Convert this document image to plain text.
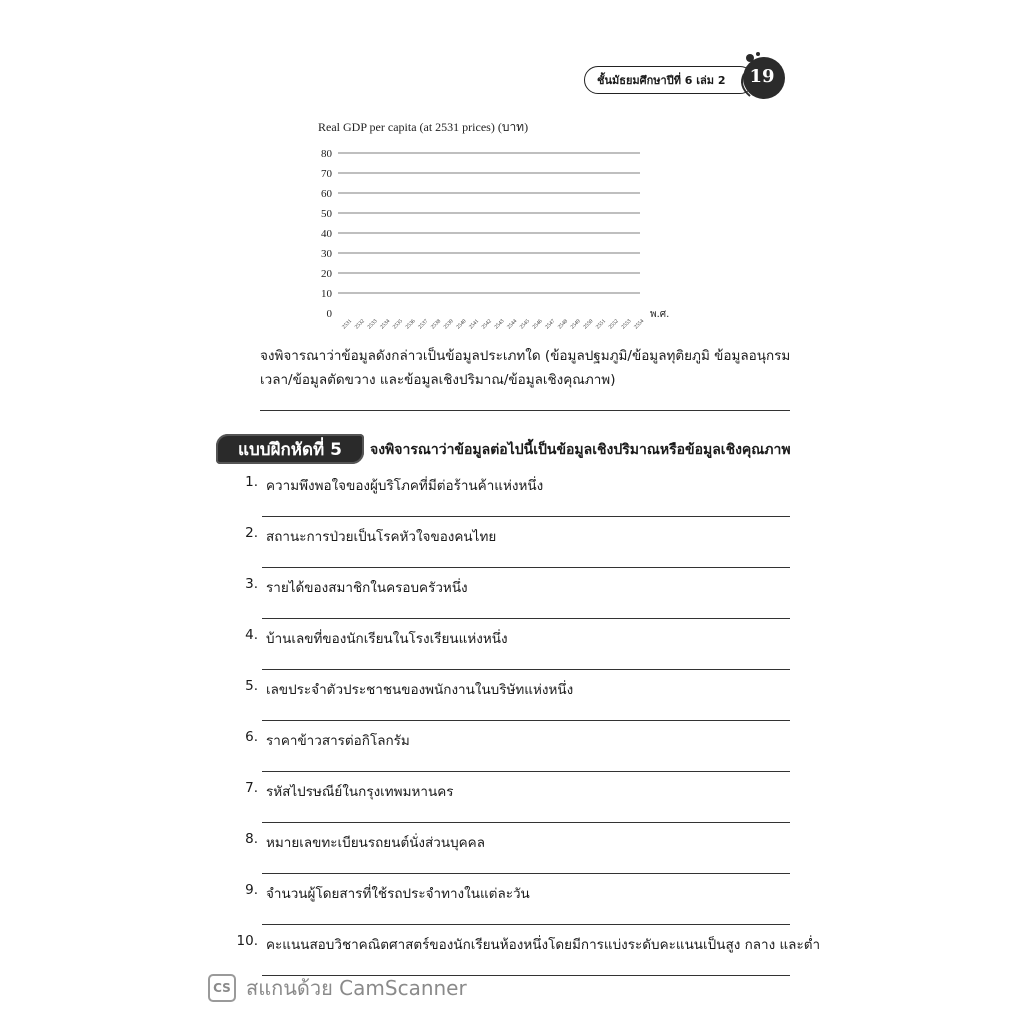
ชั้นมัธยมศึกษาปีที่ 6 เล่ม 2	19
Real GDP per capita (at 2531 prices) (บาท)
0
10
20
30
40
50
60
70
80
2531 2532 2533 2534 2535 2536 2537 2538 2539 2540 2541 2542 2543 2544 2545 2546 2547 2548 2549 2550 2551 2552 2553 2554
พ.ศ.
จงพิจารณาว่าข้อมูลดังกล่าวเป็นข้อมูลประเภทใด (ข้อมูลปฐมภูมิ/ข้อมูลทุติยภูมิ ข้อมูลอนุกรมเวลา/ข้อมูลตัดขวาง และข้อมูลเชิงปริมาณ/ข้อมูลเชิงคุณภาพ)
แบบฝึกหัดที่ 5	จงพิจารณาว่าข้อมูลต่อไปนี้เป็นข้อมูลเชิงปริมาณหรือข้อมูลเชิงคุณภาพ
1. ความพึงพอใจของผู้บริโภคที่มีต่อร้านค้าแห่งหนึ่ง
2. สถานะการป่วยเป็นโรคหัวใจของคนไทย
3. รายได้ของสมาชิกในครอบครัวหนึ่ง
4. บ้านเลขที่ของนักเรียนในโรงเรียนแห่งหนึ่ง
5. เลขประจำตัวประชาชนของพนักงานในบริษัทแห่งหนึ่ง
6. ราคาข้าวสารต่อกิโลกรัม
7. รหัสไปรษณีย์ในกรุงเทพมหานคร
8. หมายเลขทะเบียนรถยนต์นั่งส่วนบุคคล
9. จำนวนผู้โดยสารที่ใช้รถประจำทางในแต่ละวัน
10. คะแนนสอบวิชาคณิตศาสตร์ของนักเรียนห้องหนึ่งโดยมีการแบ่งระดับคะแนนเป็นสูง กลาง และต่ำ
CS สแกนด้วย CamScanner
